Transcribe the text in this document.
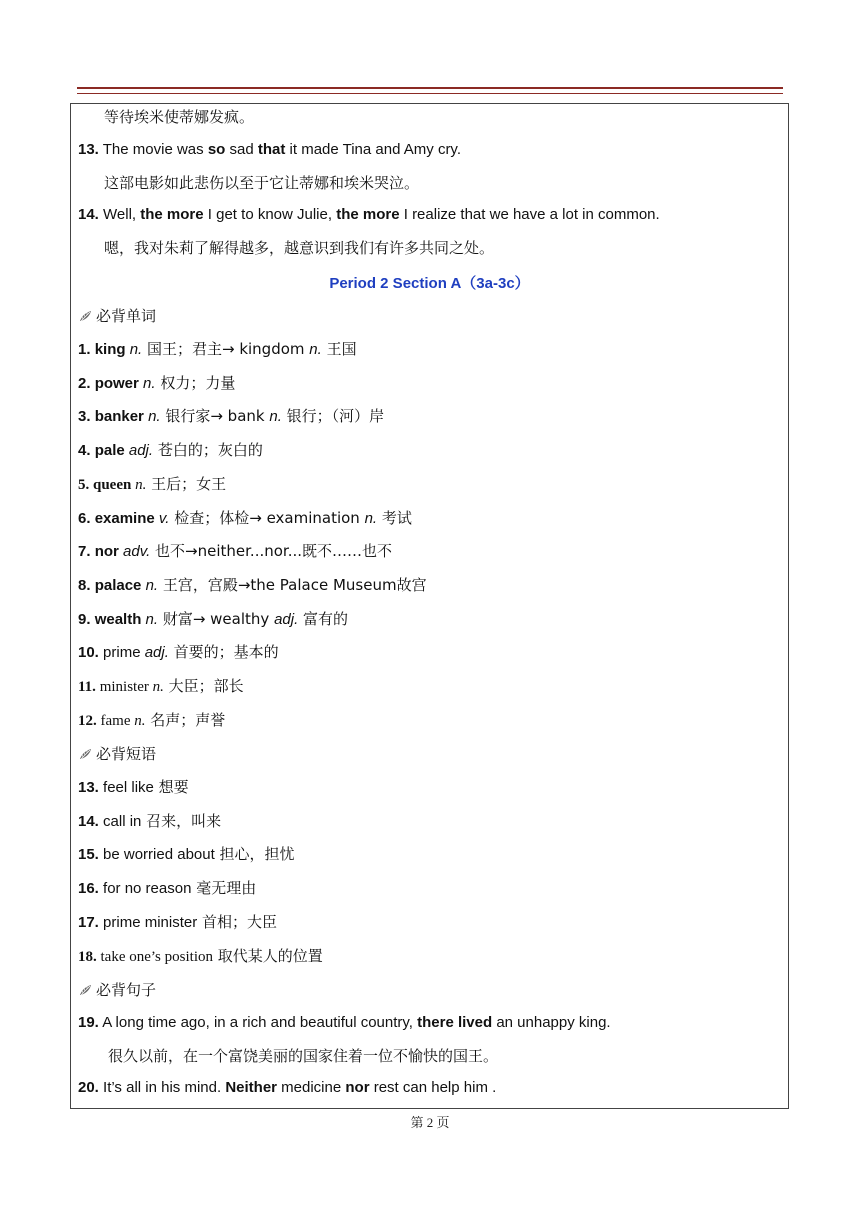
等待埃米使蒂娜发疯。
13. The movie was so sad that it made Tina and Amy cry.
这部电影如此悲伤以至于它让蒂娜和埃米哭泣。
14. Well, the more I get to know Julie, the more I realize that we have a lot in common.
嗯，我对朱莉了解得越多，越意识到我们有许多共同之处。
Period 2 Section A（3a-3c）
必背单词
1. king n. 国王；君主→ kingdom n. 王国
2. power n. 权力；力量
3. banker n. 银行家→ bank n. 银行；（河）岸
4. pale adj. 苍白的；灰白的
5. queen n. 王后；女王
6. examine v. 检查；体检→ examination n. 考试
7. nor adv. 也不→neither...nor...既不……也不
8. palace n. 王宫，宫殿→the Palace Museum故宫
9. wealth n. 财富→ wealthy adj. 富有的
10. prime adj. 首要的；基本的
11. minister n. 大臣；部长
12. fame n. 名声；声誉
必背短语
13. feel like 想要
14. call in 召来，叫来
15. be worried about 担心，担忧
16. for no reason 毫无理由
17. prime minister 首相；大臣
18. take one’s position 取代某人的位置
必背句子
19. A long time ago, in a rich and beautiful country, there lived an unhappy king.
很久以前，在一个富饶美丽的国家住着一位不愉快的国王。
20. It’s all in his mind. Neither medicine nor rest can help him .
第 2 页
